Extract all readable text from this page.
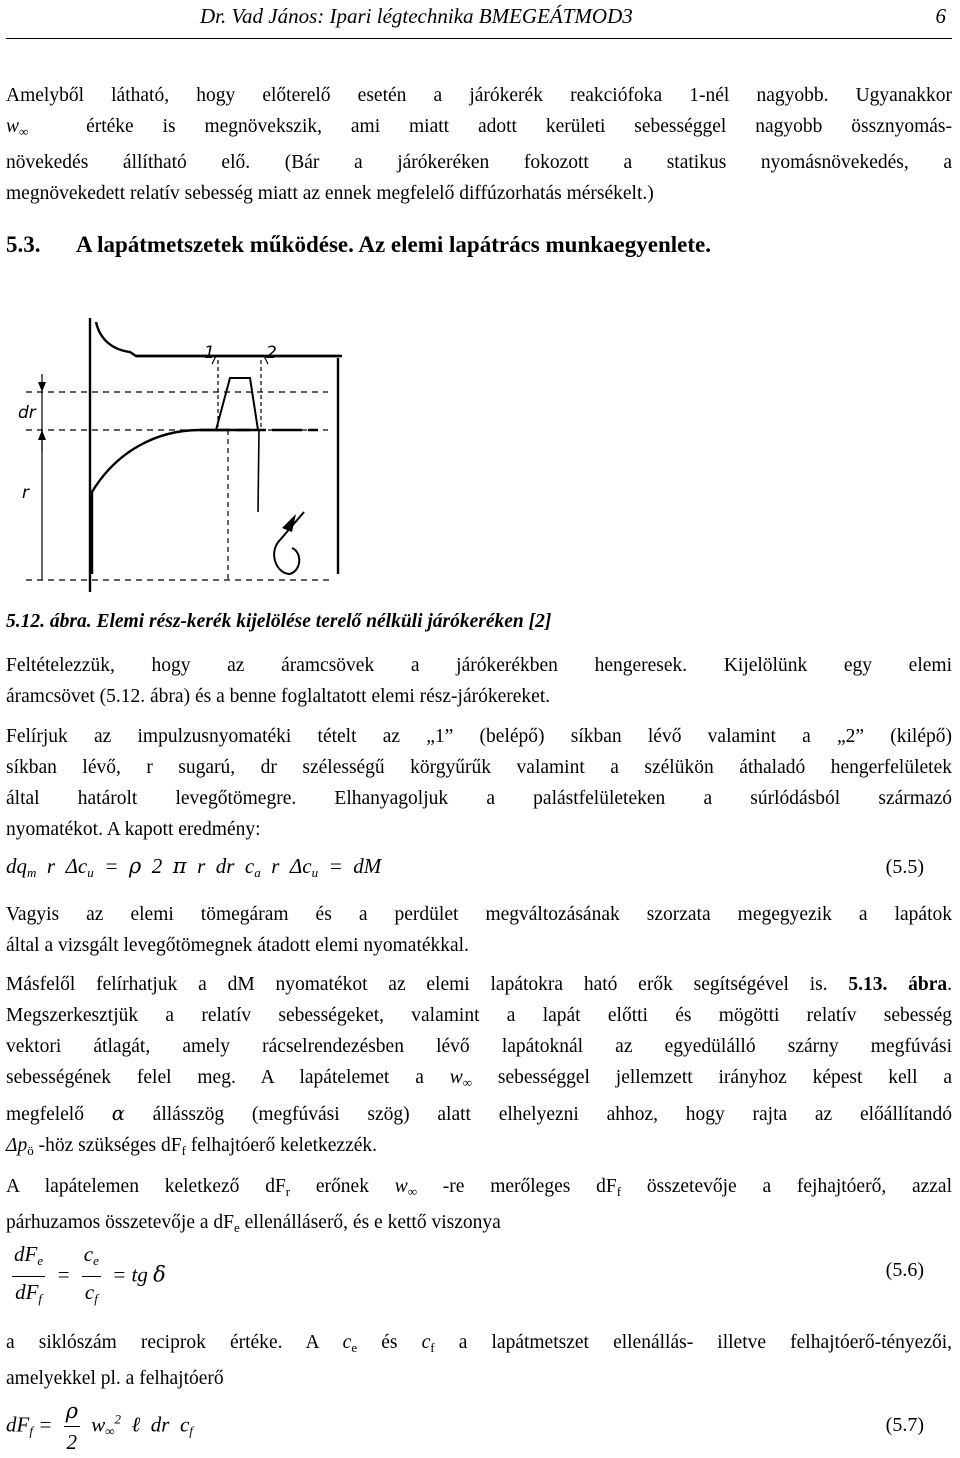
Dr. Vad János: Ipari légtechnika BMEGEÁTMOD3	6
Amelyből látható, hogy előterelő esetén a járókerék reakciófoka 1-nél nagyobb. Ugyanakkor
$w_\infty$	értéke is megnövekszik, ami miatt adott kerületi sebességgel nagyobb össznyomás-
növekedés állítható elő. (Bár a járókeréken fokozott a statikus nyomásnövekedés, a
megnövekedett relatív sebesség miatt az ennek megfelelő diffúzorhatás mérsékelt.)
5.3. A lapátmetszetek működése. Az elemi lapátrács munkaegyenlete.
1	2
dr
r
5.12. ábra. Elemi rész-kerék kijelölése terelő nélküli járókeréken [2]
Feltételezzük, hogy az áramcsövek a járókerékben hengeresek. Kijelölünk egy elemi
áramcsövet (5.12. ábra) és a benne foglaltatott elemi rész-járókereket.
Felírjuk az impulzusnyomatéki tételt az „1” (belépő) síkban lévő valamint a „2” (kilépő)
síkban lévő, r sugarú, dr szélességű körgyűrűk valamint a szélükön áthaladó hengerfelületek
által határolt levegőtömegre. Elhanyagoljuk a palástfelületeken a súrlódásból származó
nyomatékot. A kapott eredmény:
$dq_m$  r  $\Delta c_u = \rho$  2  π  r  dr  $c_a$  r  $\Delta c_u$  =  dM	(5.5)
Vagyis az elemi tömegáram és a perdület megváltozásának szorzata megegyezik a lapátok
által a vizsgált levegőtömegnek átadott elemi nyomatékkal.
Másfelől felírhatjuk a dM nyomatékot az elemi lapátokra ható erők segítségével is. 5.13. ábra.
Megszerkesztjük a relatív sebességeket, valamint a lapát előtti és mögötti relatív sebesség
vektori átlagát, amely rácselrendezésben lévő lapátoknál az egyedülálló szárny megfúvási
sebességének felel meg. A lapátelemet a $w_\infty$ sebességgel jellemzett irányhoz képest kell a
megfelelő α állásszög (megfúvási szög) alatt elhelyezni ahhoz, hogy rajta az előállítandó
$\Delta p_ö$ -höz szükséges $dF_f$ felhajtóerő keletkezzék.
A lapátelemen keletkező $dF_r$ erőnek $w_\infty$ -re merőleges $dF_f$ összetevője a fejhajtóerő, azzal
párhuzamos összetevője a $dF_e$ ellenálláserő, és e kettő viszonya
$\frac{dF_e}{dF_f} = \frac{c_e}{c_f}$ = tg δ	(5.6)
a siklószám reciprok értéke. A $c_e$ és $c_f$ a lapátmetszet ellenállás- illetve felhajtóerő-tényezői,
amelyekkel pl. a felhajtóerő
$dF_f = \frac{\rho}{2} w_\infty^2$  ℓ  dr  $c_f$	(5.7)
